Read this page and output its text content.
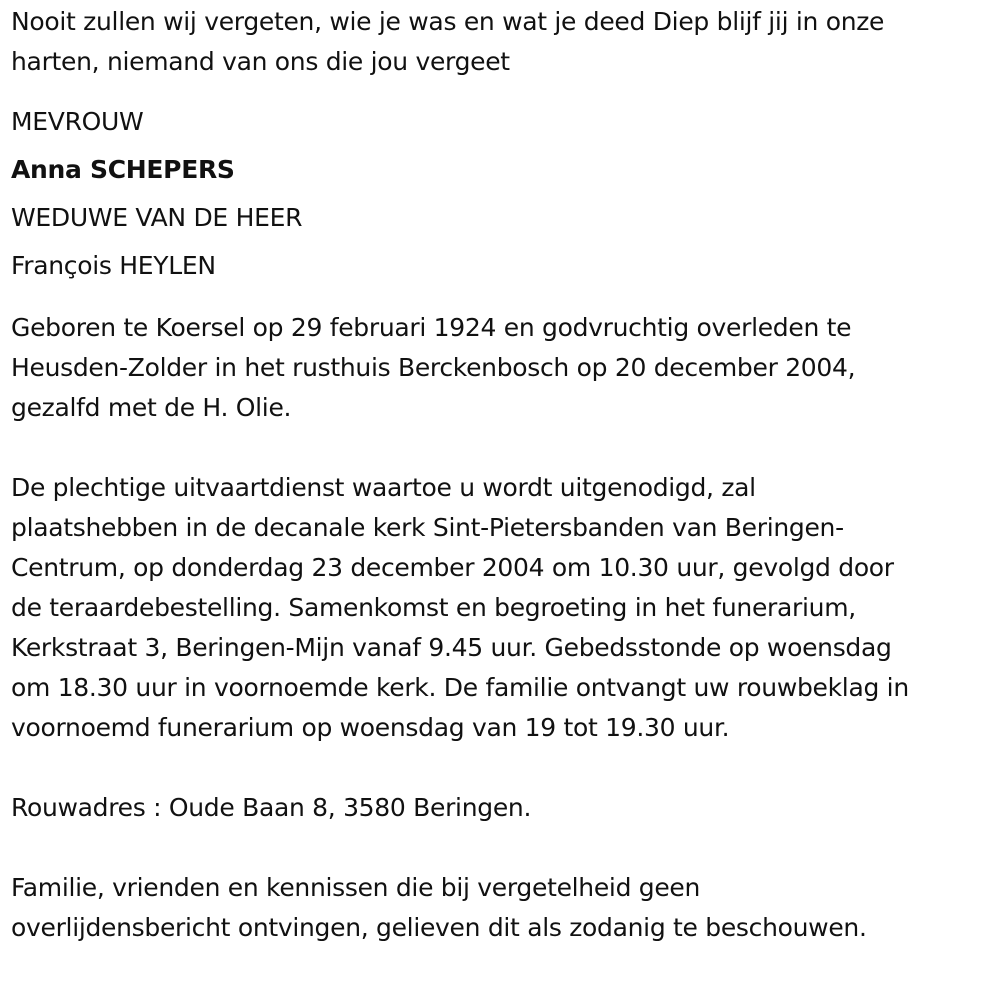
Nooit zullen wij vergeten, wie je was en wat je deed Diep blijf jij in onze
harten, niemand van ons die jou vergeet
MEVROUW
Anna SCHEPERS
WEDUWE VAN DE HEER
François HEYLEN
Geboren te Koersel op 29 februari 1924 en godvruchtig overleden te
Heusden-Zolder in het rusthuis Berckenbosch op 20 december 2004,
gezalfd met de H. Olie.
De plechtige uitvaartdienst waartoe u wordt uitgenodigd, zal
plaatshebben in de decanale kerk Sint-Pietersbanden van Beringen-
Centrum, op donderdag 23 december 2004 om 10.30 uur, gevolgd door
de teraardebestelling. Samenkomst en begroeting in het funerarium,
Kerkstraat 3, Beringen-Mijn vanaf 9.45 uur. Gebedsstonde op woensdag
om 18.30 uur in voornoemde kerk. De familie ontvangt uw rouwbeklag in
voornoemd funerarium op woensdag van 19 tot 19.30 uur.
Rouwadres : Oude Baan 8, 3580 Beringen.
Familie, vrienden en kennissen die bij vergetelheid geen
overlijdensbericht ontvingen, gelieven dit als zodanig te beschouwen.
